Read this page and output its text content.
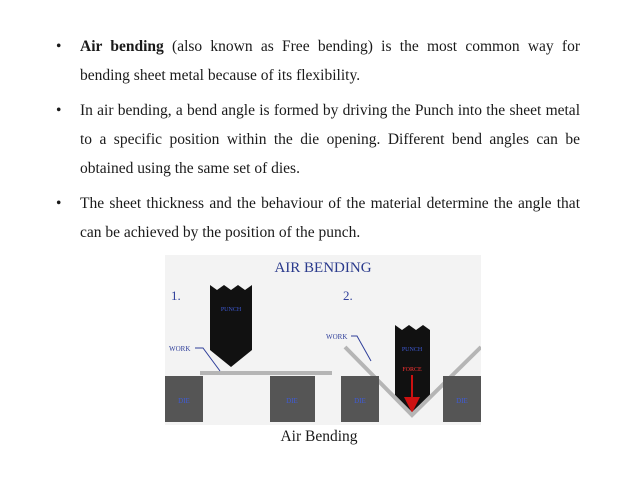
• Air bending (also known as Free bending) is the most common way for bending sheet metal because of its flexibility.
• In air bending, a bend angle is formed by driving the Punch into the sheet metal to a specific position within the die opening. Different bend angles can be obtained using the same set of dies.
• The sheet thickness and the behaviour of the material determine the angle that can be achieved by the position of the punch.
AIR BENDING
1.
PUNCH
WORK
DIE	DIE
2.
PUNCH
FORCE
WORK
DIE	DIE
Air Bending
